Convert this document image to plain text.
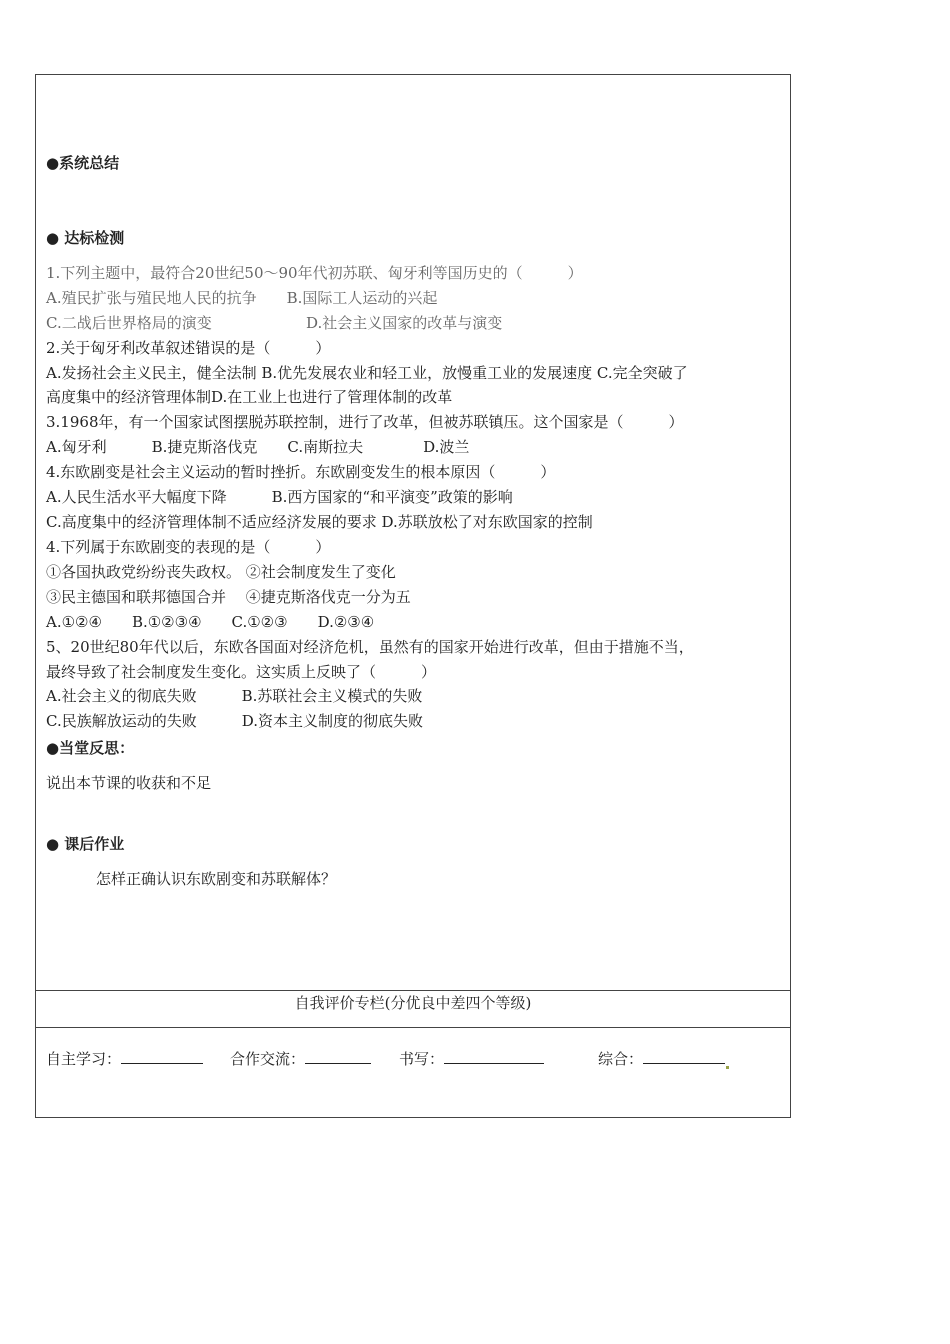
●系统总结
● 达标检测
1.下列主题中，最符合20世纪50～90年代初苏联、匈牙利等国历史的（　　　）
A.殖民扩张与殖民地人民的抗争　　B.国际工人运动的兴起
C.二战后世界格局的演变	D.社会主义国家的改革与演变
2.关于匈牙利改革叙述错误的是（　　　）
A.发扬社会主义民主，健全法制 B.优先发展农业和轻工业，放慢重工业的发展速度 C.完全突破了
高度集中的经济管理体制D.在工业上也进行了管理体制的改革
3.1968年，有一个国家试图摆脱苏联控制，进行了改革，但被苏联镇压。这个国家是（　　　）
A.匈牙利　　　B.捷克斯洛伐克　　C.南斯拉夫　　　　D.波兰
4.东欧剧变是社会主义运动的暂时挫折。东欧剧变发生的根本原因（　　　）
A.人民生活水平大幅度下降　　　B.西方国家的“和平演变”政策的影响
C.高度集中的经济管理体制不适应经济发展的要求 D.苏联放松了对东欧国家的控制
4.下列属于东欧剧变的表现的是（　　　）
①各国执政党纷纷丧失政权。 ②社会制度发生了变化
③民主德国和联邦德国合并　 ④捷克斯洛伐克一分为五
A.①②④　　B.①②③④　　C.①②③　　D.②③④
5、20世纪80年代以后，东欧各国面对经济危机，虽然有的国家开始进行改革，但由于措施不当，
最终导致了社会制度发生变化。这实质上反映了（　　　）
A.社会主义的彻底失败　　　B.苏联社会主义模式的失败
C.民族解放运动的失败　　　D.资本主义制度的彻底失败
●当堂反思：
说出本节课的收获和不足
● 课后作业
怎样正确认识东欧剧变和苏联解体？
自我评价专栏(分优良中差四个等级)
自主学习：	合作交流：	书写：	综合：
